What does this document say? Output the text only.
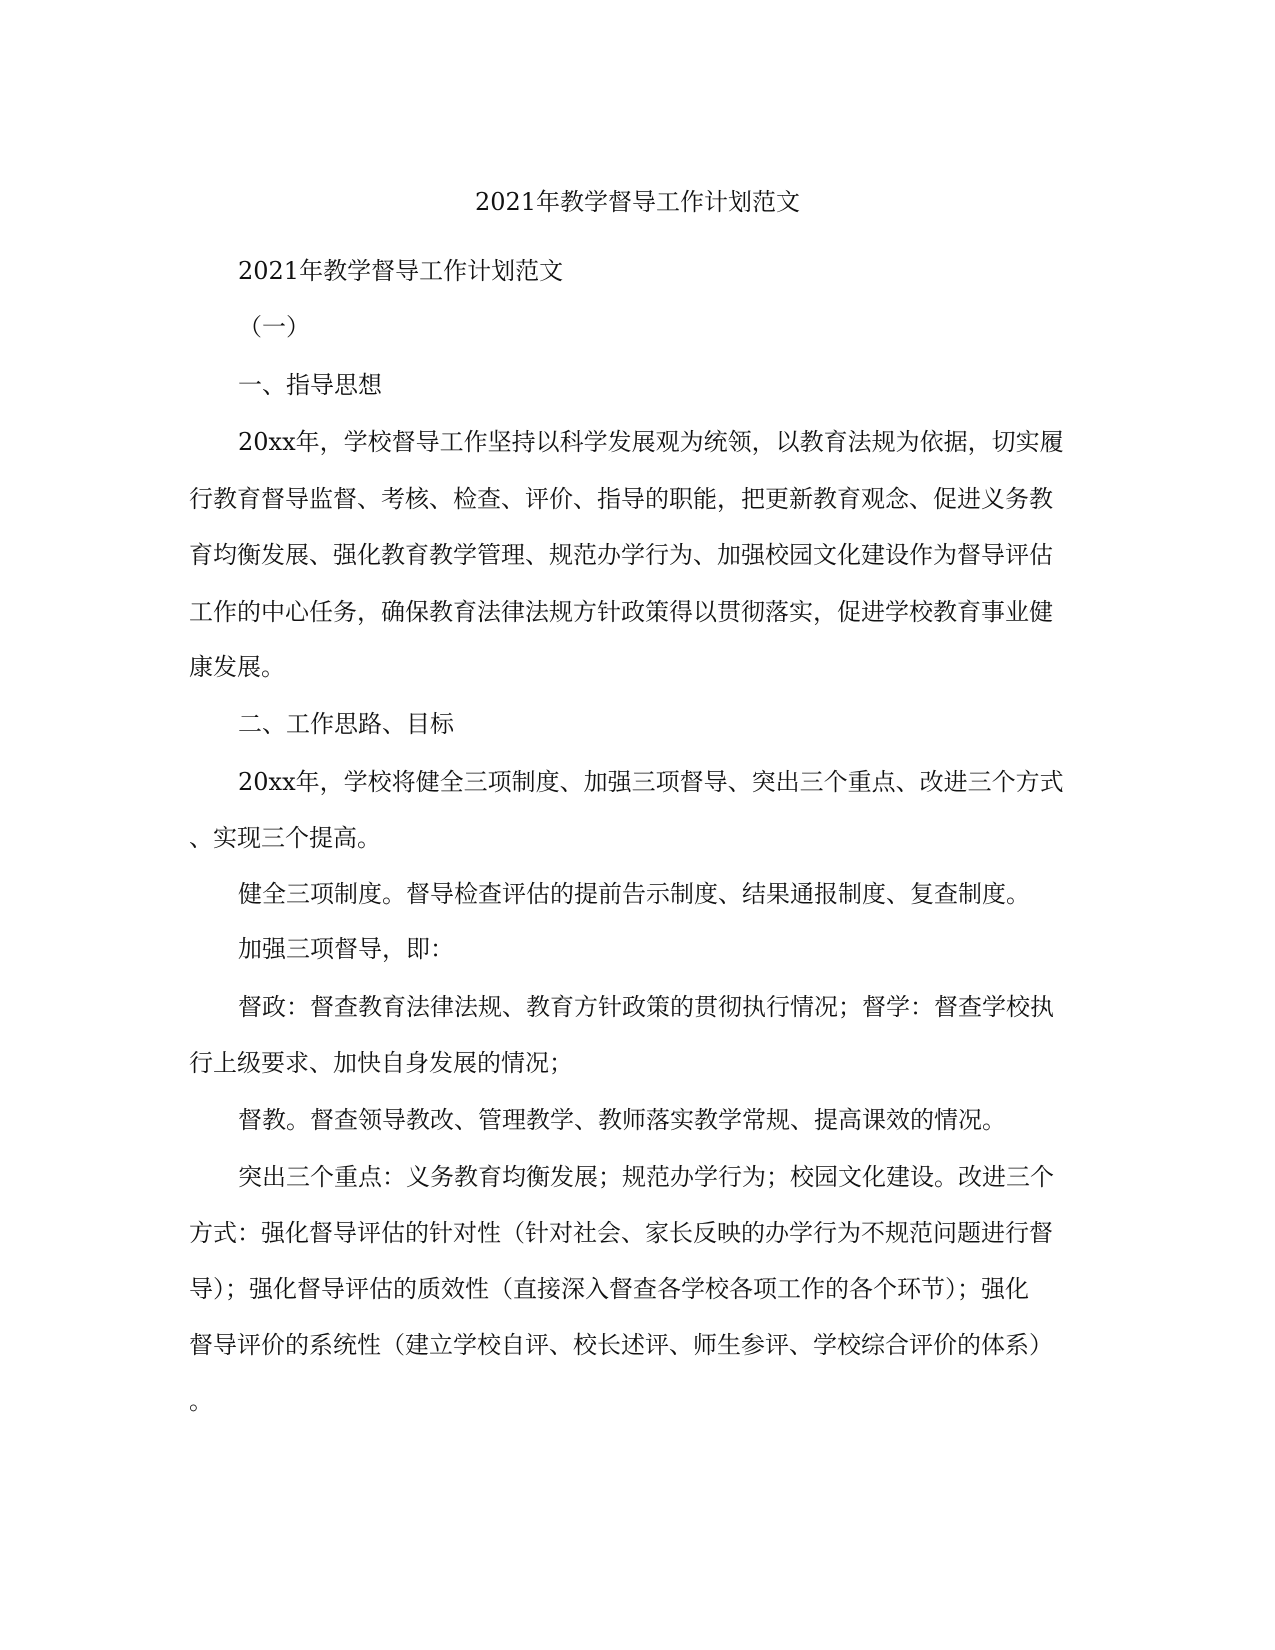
2021年教学督导工作计划范文
2021年教学督导工作计划范文
（一）
一、指导思想
20xx年，学校督导工作坚持以科学发展观为统领，以教育法规为依据，切实履
行教育督导监督、考核、检查、评价、指导的职能，把更新教育观念、促进义务教
育均衡发展、强化教育教学管理、规范办学行为、加强校园文化建设作为督导评估
工作的中心任务，确保教育法律法规方针政策得以贯彻落实，促进学校教育事业健
康发展。
二、工作思路、目标
20xx年，学校将健全三项制度、加强三项督导、突出三个重点、改进三个方式
、实现三个提高。
健全三项制度。督导检查评估的提前告示制度、结果通报制度、复查制度。
加强三项督导，即：
督政：督查教育法律法规、教育方针政策的贯彻执行情况；督学：督查学校执
行上级要求、加快自身发展的情况；
督教。督查领导教改、管理教学、教师落实教学常规、提高课效的情况。
突出三个重点：义务教育均衡发展；规范办学行为；校园文化建设。改进三个
方式：强化督导评估的针对性（针对社会、家长反映的办学行为不规范问题进行督
导）；强化督导评估的质效性（直接深入督查各学校各项工作的各个环节）；强化
督导评价的系统性（建立学校自评、校长述评、师生参评、学校综合评价的体系）
。
